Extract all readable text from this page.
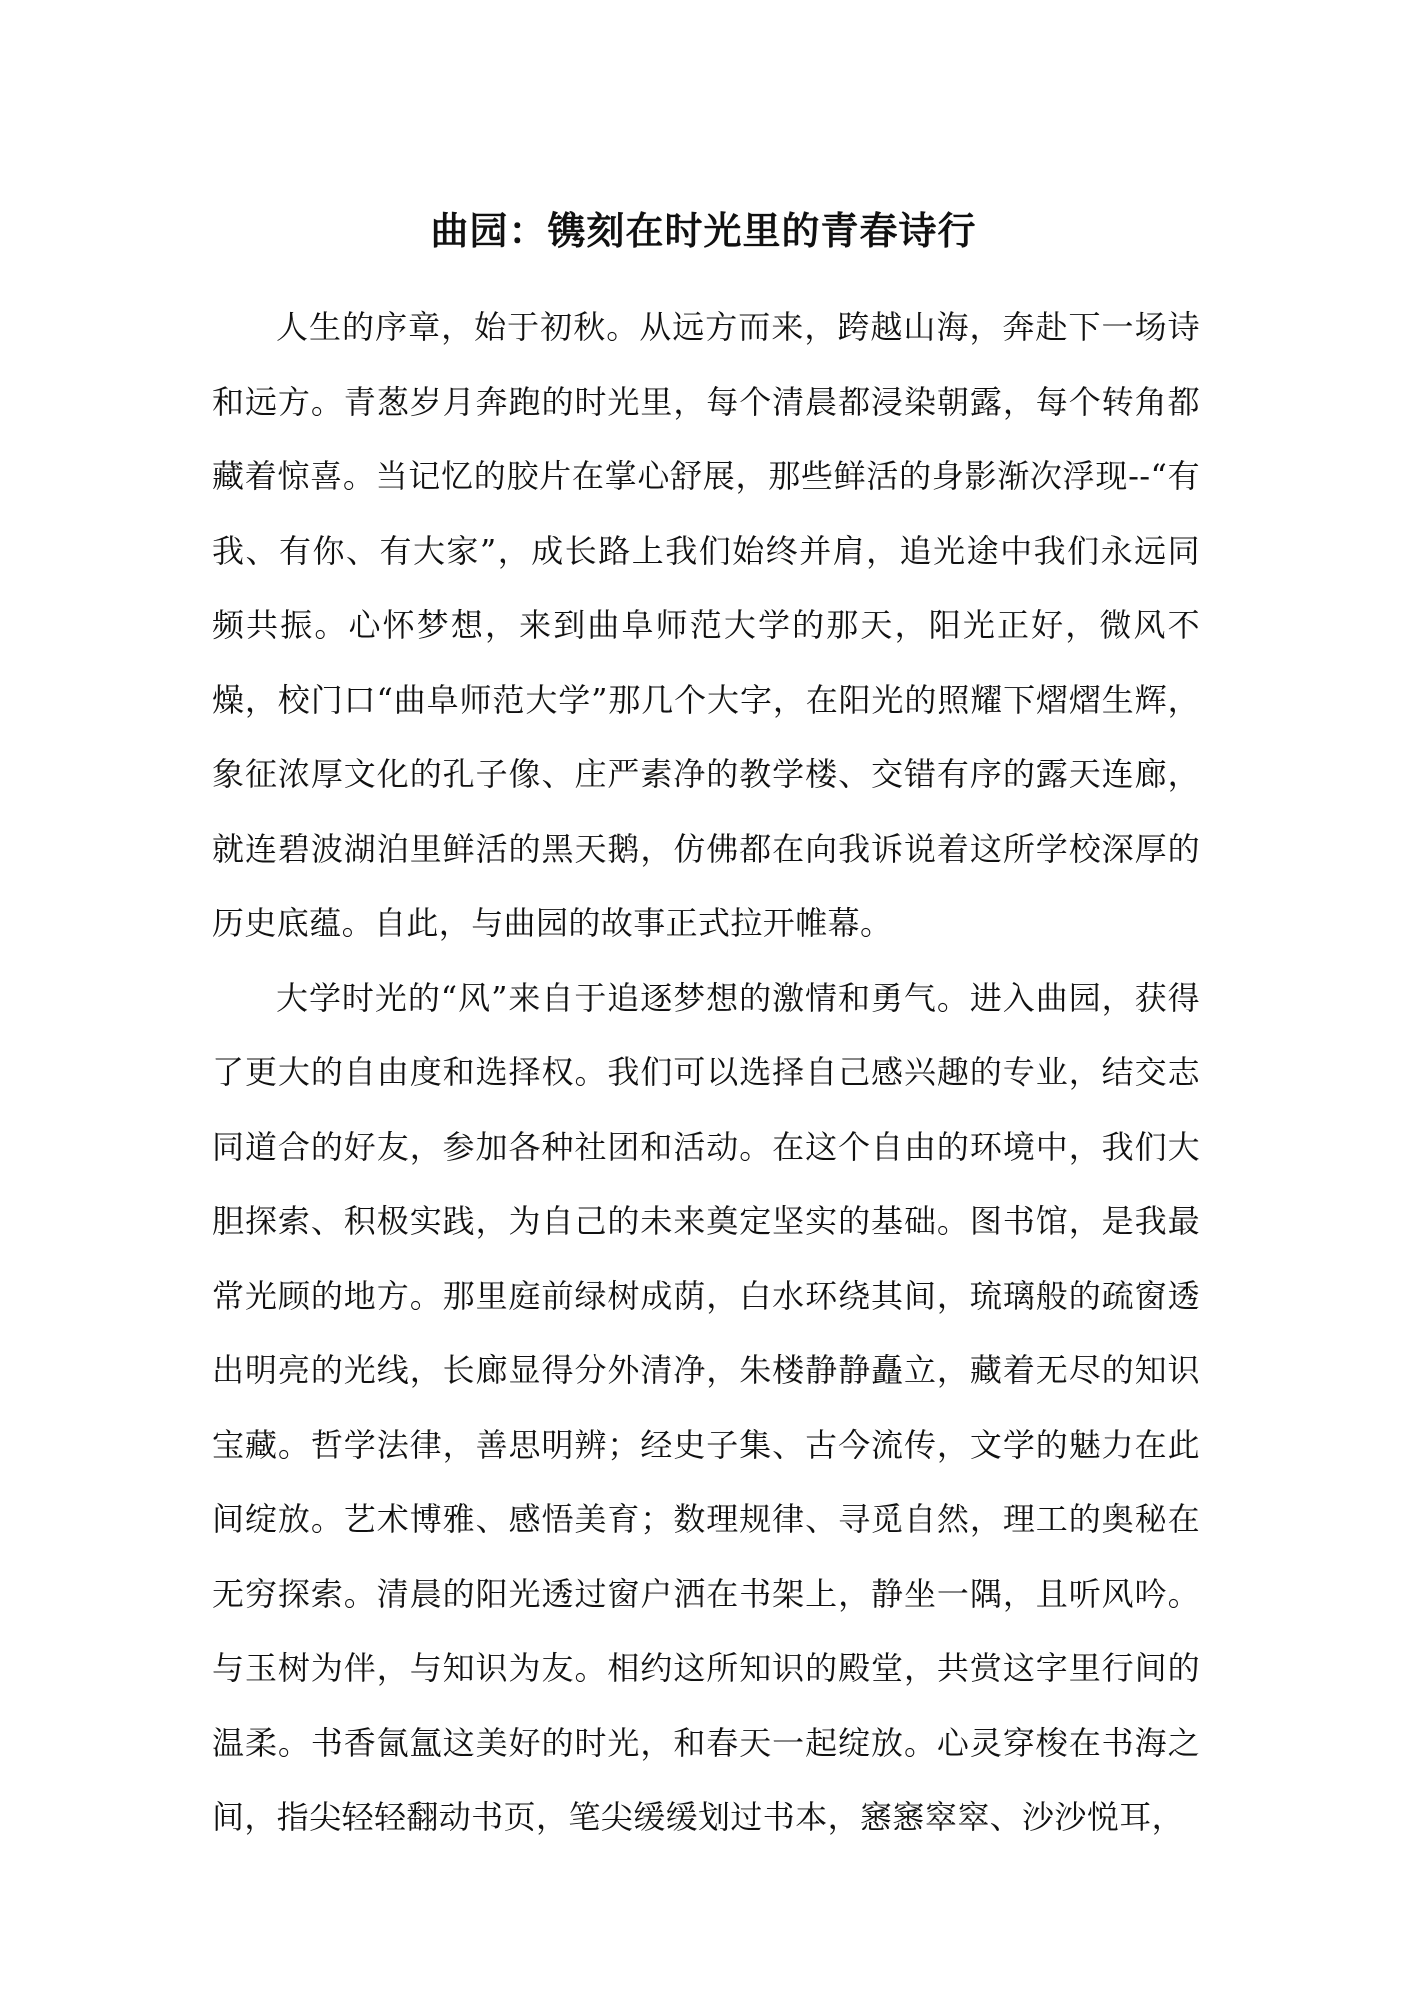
曲园：镌刻在时光里的青春诗行

人生的序章，始于初秋。从远方而来，跨越山海，奔赴下一场诗和远方。青葱岁月奔跑的时光里，每个清晨都浸染朝露，每个转角都藏着惊喜。当记忆的胶片在掌心舒展，那些鲜活的身影渐次浮现--“有我、有你、有大家”，成长路上我们始终并肩，追光途中我们永远同频共振。心怀梦想，来到曲阜师范大学的那天，阳光正好，微风不燥，校门口“曲阜师范大学”那几个大字，在阳光的照耀下熠熠生辉，象征浓厚文化的孔子像、庄严素净的教学楼、交错有序的露天连廊，就连碧波湖泊里鲜活的黑天鹅，仿佛都在向我诉说着这所学校深厚的历史底蕴。自此，与曲园的故事正式拉开帷幕。

大学时光的“风”来自于追逐梦想的激情和勇气。进入曲园，获得了更大的自由度和选择权。我们可以选择自己感兴趣的专业，结交志同道合的好友，参加各种社团和活动。在这个自由的环境中，我们大胆探索、积极实践，为自己的未来奠定坚实的基础。图书馆，是我最常光顾的地方。那里庭前绿树成荫，白水环绕其间，琉璃般的疏窗透出明亮的光线，长廊显得分外清净，朱楼静静矗立，藏着无尽的知识宝藏。哲学法律，善思明辨；经史子集、古今流传，文学的魅力在此间绽放。艺术博雅、感悟美育；数理规律、寻觅自然，理工的奥秘在无穷探索。清晨的阳光透过窗户洒在书架上，静坐一隅，且听风吟。与玉树为伴，与知识为友。相约这所知识的殿堂，共赏这字里行间的温柔。书香氤氲这美好的时光，和春天一起绽放。心灵穿梭在书海之间，指尖轻轻翻动书页，笔尖缓缓划过书本，窸窸窣窣、沙沙悦耳，
